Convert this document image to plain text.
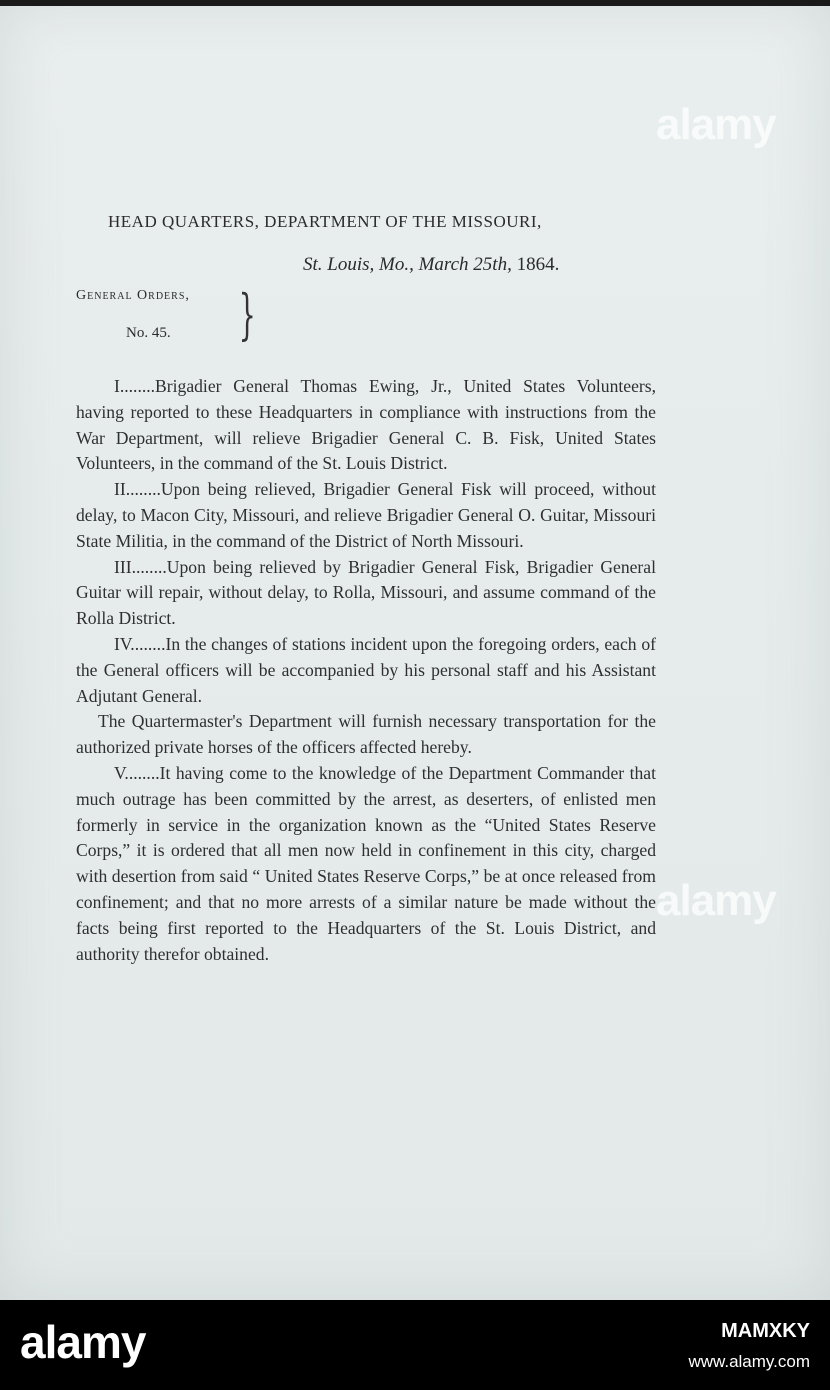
alamy
alamy
HEAD QUARTERS, DEPARTMENT OF THE MISSOURI,
St. Louis, Mo., March 25th, 1864.
General Orders,
No. 45. }

I........Brigadier General Thomas Ewing, Jr., United States Volunteers, having reported to these Headquarters in compliance with instructions from the War Department, will relieve Brigadier General C. B. Fisk, United States Volunteers, in the command of the St. Louis District.

II........Upon being relieved, Brigadier General Fisk will proceed, without delay, to Macon City, Missouri, and relieve Brigadier General O. Guitar, Missouri State Militia, in the command of the District of North Missouri.

III........Upon being relieved by Brigadier General Fisk, Brigadier General Guitar will repair, without delay, to Rolla, Missouri, and assume command of the Rolla District.

IV........In the changes of stations incident upon the foregoing orders, each of the General officers will be accompanied by his personal staff and his Assistant Adjutant General.

The Quartermaster's Department will furnish necessary transportation for the authorized private horses of the officers affected hereby.

V........It having come to the knowledge of the Department Commander that much outrage has been committed by the arrest, as deserters, of enlisted men formerly in service in the organization known as the “United States Reserve Corps,” it is ordered that all men now held in confinement in this city, charged with desertion from said “ United States Reserve Corps,” be at once released from confinement; and that no more arrests of a similar nature be made without the facts being first reported to the Headquarters of the St. Louis District, and authority therefor obtained.

alamy	MAMXKY
www.alamy.com
